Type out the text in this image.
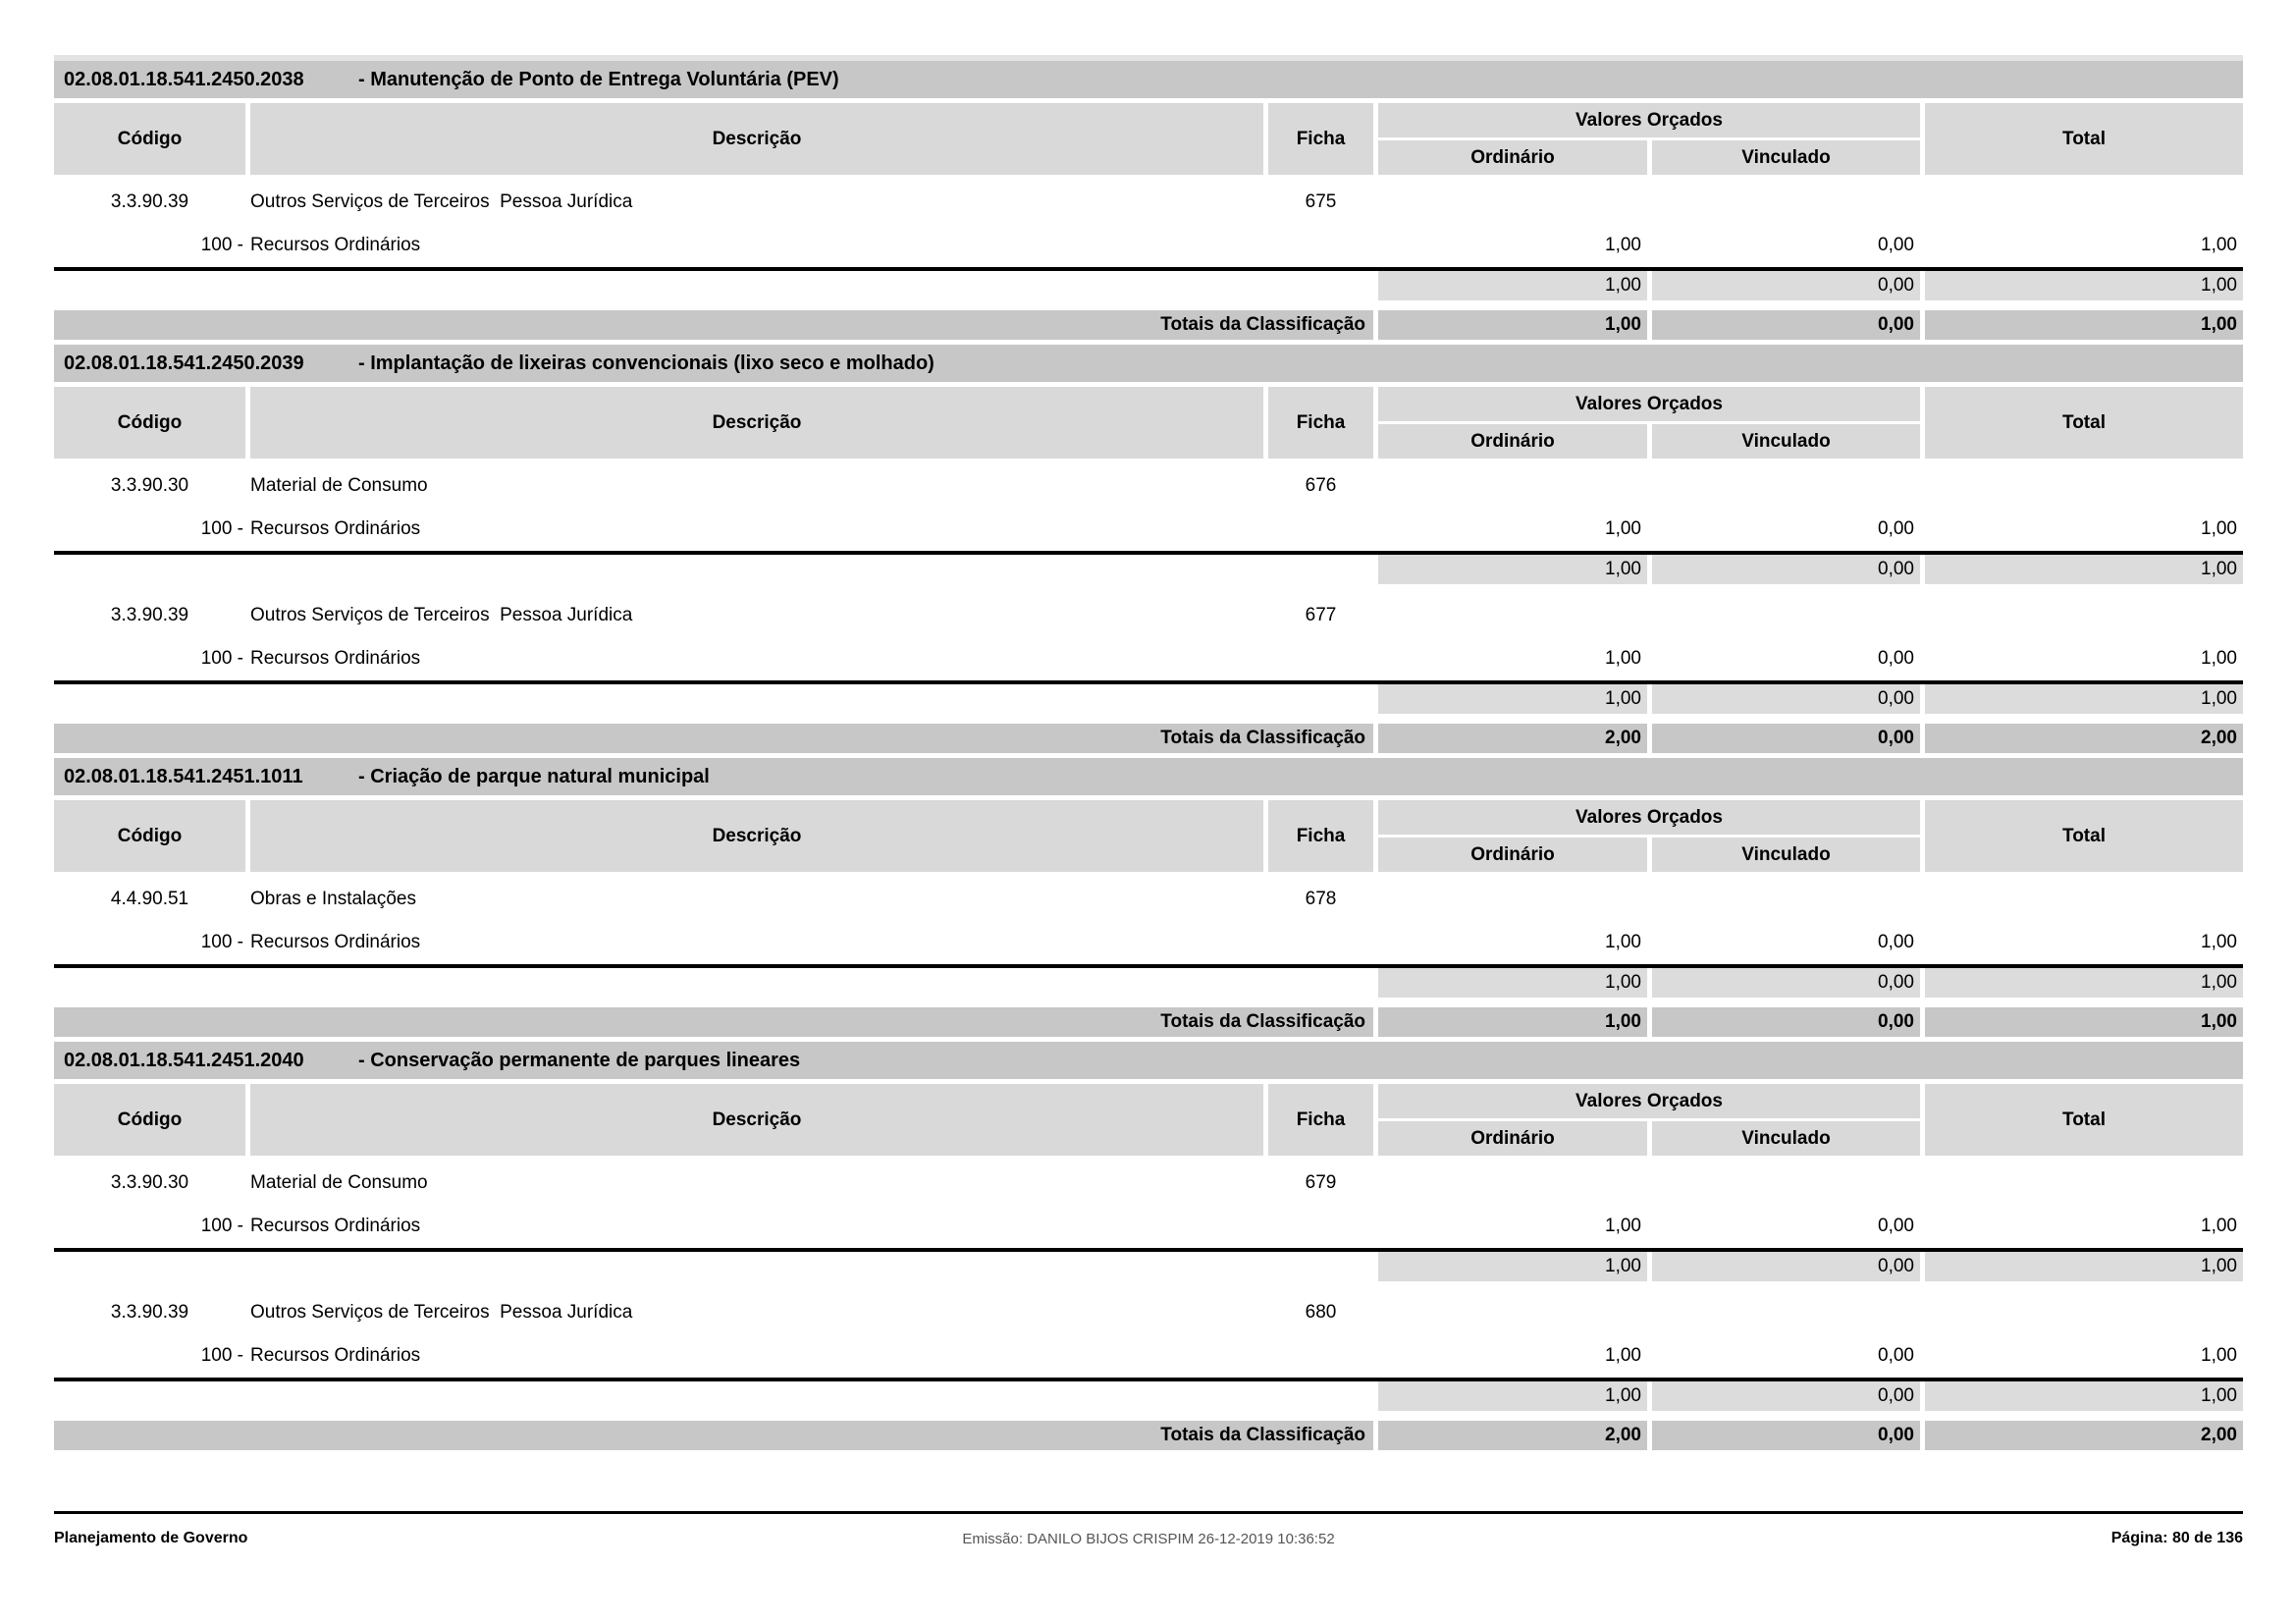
02.08.01.18.541.2450.2038	- Manutenção de Ponto de Entrega Voluntária (PEV)
Código	Descrição	Ficha
Valores Orçados
Ordinário	Vinculado
Total
3.3.90.39	Outros Serviços de Terceiros  Pessoa Jurídica	675
100 - Recursos Ordinários	1,00	0,00	1,00
1,00	0,00	1,00
Totais da Classificação	1,00	0,00	1,00
02.08.01.18.541.2450.2039	- Implantação de lixeiras convencionais (lixo seco e molhado)
Código	Descrição	Ficha
Valores Orçados
Ordinário	Vinculado
Total
3.3.90.30	Material de Consumo	676
100 - Recursos Ordinários	1,00	0,00	1,00
1,00	0,00	1,00
3.3.90.39	Outros Serviços de Terceiros  Pessoa Jurídica	677
100 - Recursos Ordinários	1,00	0,00	1,00
1,00	0,00	1,00
Totais da Classificação	2,00	0,00	2,00
02.08.01.18.541.2451.1011	- Criação de parque natural municipal
Código	Descrição	Ficha
Valores Orçados
Ordinário	Vinculado
Total
4.4.90.51	Obras e Instalações	678
100 - Recursos Ordinários	1,00	0,00	1,00
1,00	0,00	1,00
Totais da Classificação	1,00	0,00	1,00
02.08.01.18.541.2451.2040	- Conservação permanente de parques lineares
Código	Descrição	Ficha
Valores Orçados
Ordinário	Vinculado
Total
3.3.90.30	Material de Consumo	679
100 - Recursos Ordinários	1,00	0,00	1,00
1,00	0,00	1,00
3.3.90.39	Outros Serviços de Terceiros  Pessoa Jurídica	680
100 - Recursos Ordinários	1,00	0,00	1,00
1,00	0,00	1,00
Totais da Classificação	2,00	0,00	2,00
Planejamento de Governo	Emissão: DANILO BIJOS CRISPIM 26-12-2019 10:36:52	Página: 80 de 136
